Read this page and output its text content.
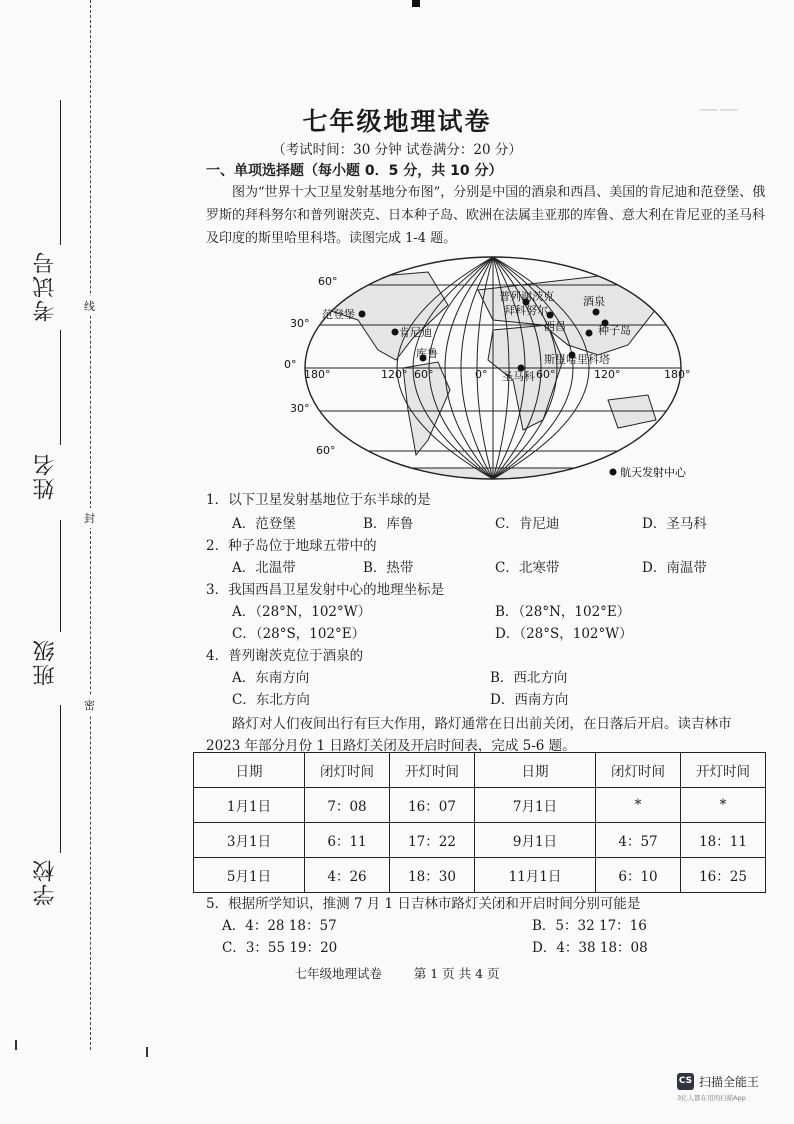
线
封
密
考试号
姓名
班级
学校
▁▁ ▁▁
七年级地理试卷
（考试时间：30 分钟 试卷满分：20 分）
一、单项选择题（每小题 0．5 分，共 10 分）
图为“世界十大卫星发射基地分布图”，分别是中国的酒泉和西昌、美国的肯尼迪和范登堡、俄罗斯的拜科努尔和普列谢茨克、日本种子岛、欧洲在法属圭亚那的库鲁、意大利在肯尼亚的圣马科及印度的斯里哈里科塔。读图完成 1-4 题。
60°
30°
0°
30°
60°
180°	120° 60°	0°	60°	120°	180°
范登堡
肯尼迪
库鲁
普列谢茨克
拜科努尔
酒泉
西昌	种子岛
斯里哈里科塔
圣马科
航天发射中心
1．以下卫星发射基地位于东半球的是
A．范登堡	B．库鲁	C．肯尼迪	D．圣马科
2．种子岛位于地球五带中的
A．北温带	B．热带	C．北寒带	D．南温带
3．我国西昌卫星发射中心的地理坐标是
A．（28°N，102°W）	B．（28°N，102°E）
C．（28°S，102°E）	D．（28°S，102°W）
4．普列谢茨克位于酒泉的
A．东南方向	B．西北方向
C．东北方向	D．西南方向
路灯对人们夜间出行有巨大作用，路灯通常在日出前关闭，在日落后开启。读吉林市
2023 年部分月份 1 日路灯关闭及开启时间表，完成 5-6 题。
日期	闭灯时间	开灯时间	日期	闭灯时间	开灯时间
1月1日	7：08	16：07	7月1日	*	*
3月1日	6：11	17：22	9月1日	4：57	18：11
5月1日	4：26	18：30	11月1日	6：10	16：25
5．根据所学知识，推测 7 月 1 日吉林市路灯关闭和开启时间分别可能是
A．4：28 18：57	B．5：32 17：16
C．3：55 19：20	D．4：38 18：08
七年级地理试卷        第 1 页 共 4 页
CS 扫描全能王
3亿人都在用的扫描App
